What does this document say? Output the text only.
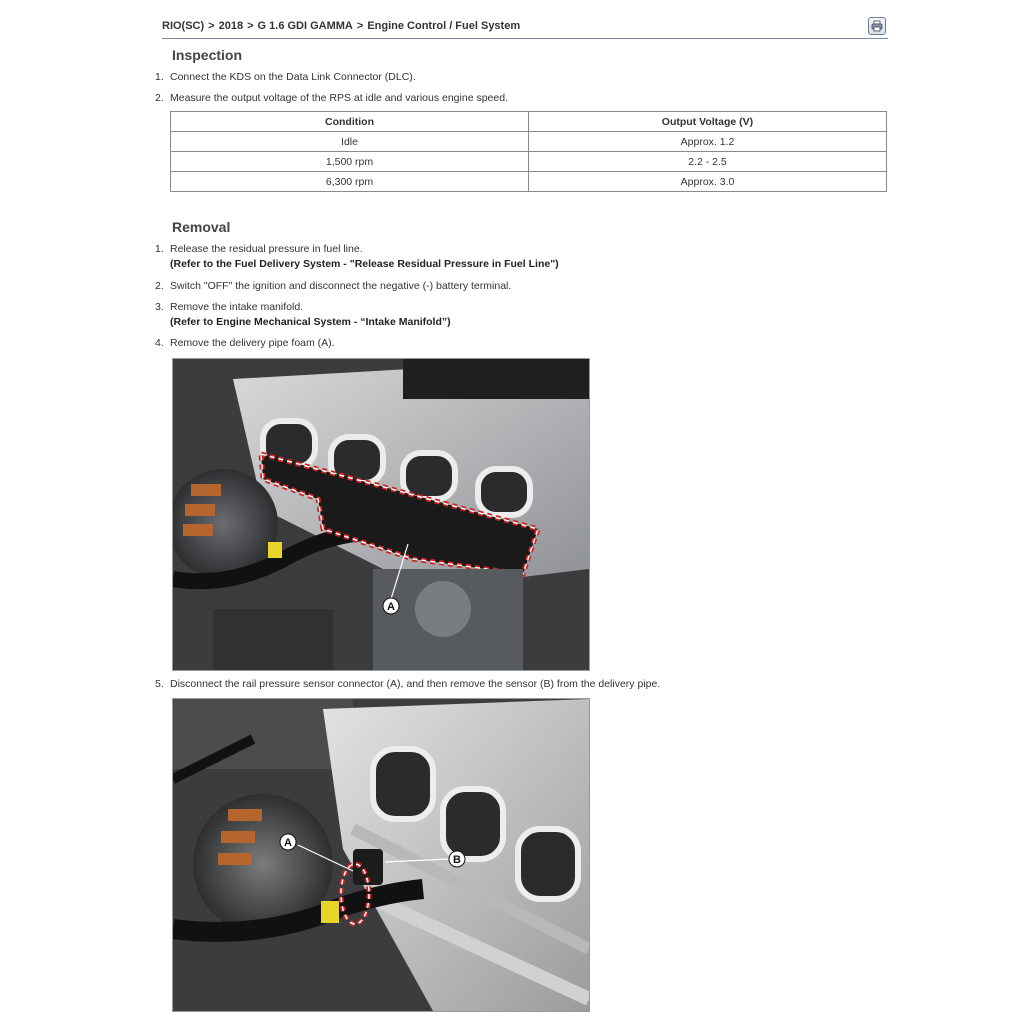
RIO(SC) > 2018 > G 1.6 GDI GAMMA > Engine Control / Fuel System
Inspection
1. Connect the KDS on the Data Link Connector (DLC).
2. Measure the output voltage of the RPS at idle and various engine speed.
Condition	Output Voltage (V)
Idle	Approx. 1.2
1,500 rpm	2.2 - 2.5
6,300 rpm	Approx. 3.0
Removal
1. Release the residual pressure in fuel line.
(Refer to the Fuel Delivery System - "Release Residual Pressure in Fuel Line")
2. Switch "OFF" the ignition and disconnect the negative (-) battery terminal.
3. Remove the intake manifold.
(Refer to Engine Mechanical System - “Intake Manifold”)
4. Remove the delivery pipe foam (A).
A
5. Disconnect the rail pressure sensor connector (A), and then remove the sensor (B) from the delivery pipe.
A
B
